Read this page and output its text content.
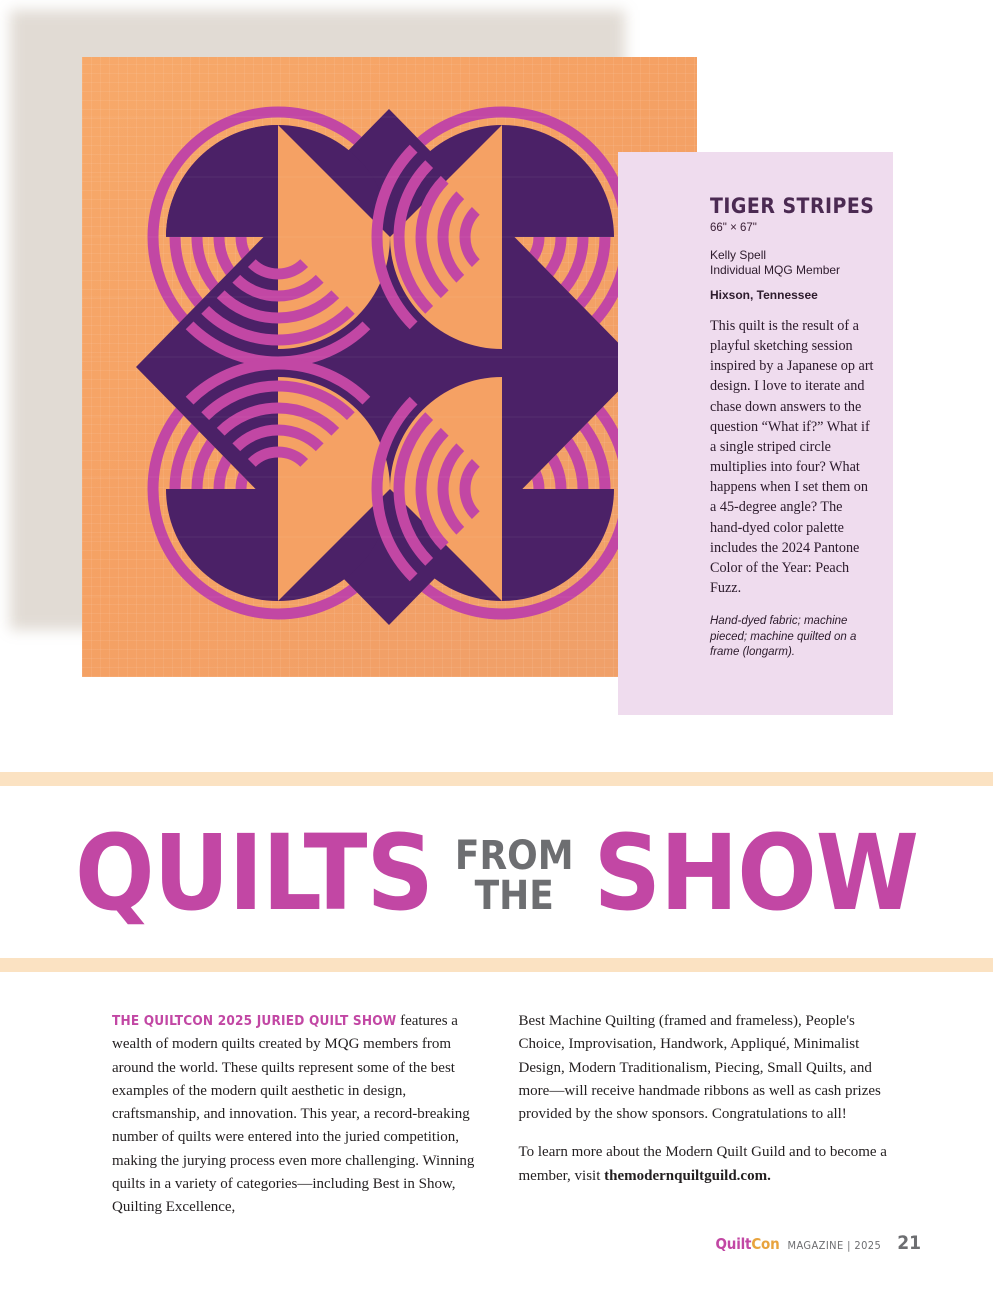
TIGER STRIPES
66" × 67"
Kelly Spell
Individual MQG Member
Hixson, Tennessee
This quilt is the result of a playful sketching session inspired by a Japanese op art design. I love to iterate and chase down answers to the question “What if?” What if a single striped circle multiplies into four? What happens when I set them on a 45-degree angle? The hand-dyed color palette includes the 2024 Pantone Color of the Year: Peach Fuzz.
Hand-dyed fabric; machine pieced; machine quilted on a frame (longarm).
QUILTS FROM
THE SHOW

THE QUILTCON 2025 JURIED QUILT SHOW features a wealth of modern quilts created by MQG members from around the world. These quilts represent some of the best examples of the modern quilt aesthetic in design, craftsmanship, and innovation. This year, a record-breaking number of quilts were entered into the juried competition, making the jurying process even more challenging. Winning quilts in a variety of categories—including Best in Show, Quilting Excellence,

Best Machine Quilting (framed and frameless), People's Choice, Improvisation, Handwork, Appliqué, Minimalist Design, Modern Traditionalism, Piecing, Small Quilts, and more—will receive handmade ribbons as well as cash prizes provided by the show sponsors. Congratulations to all!

To learn more about the Modern Quilt Guild and to become a member, visit themodernquiltguild.com.

QuiltCon MAGAZINE | 2025 21
